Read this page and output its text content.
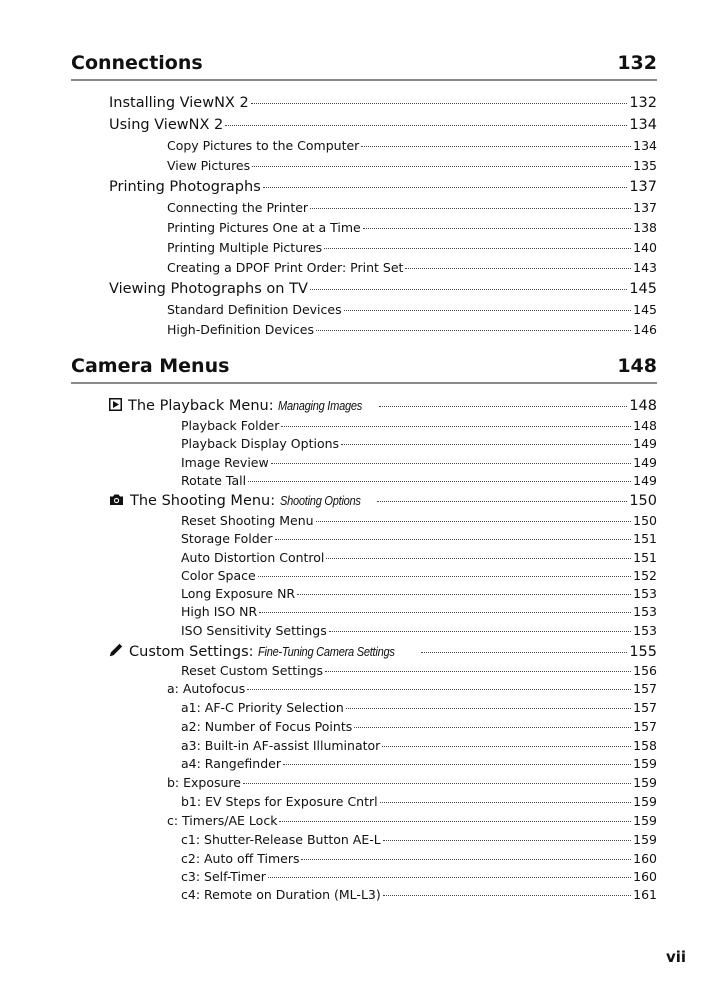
Connections	132
Installing ViewNX 2	132
Using ViewNX 2	134
Copy Pictures to the Computer	134
View Pictures	135
Printing Photographs	137
Connecting the Printer	137
Printing Pictures One at a Time	138
Printing Multiple Pictures	140
Creating a DPOF Print Order: Print Set	143
Viewing Photographs on TV	145
Standard Definition Devices	145
High-Definition Devices	146
Camera Menus	148
The Playback Menu: Managing Images	148
Playback Folder	148
Playback Display Options	149
Image Review	149
Rotate Tall	149
The Shooting Menu: Shooting Options	150
Reset Shooting Menu	150
Storage Folder	151
Auto Distortion Control	151
Color Space	152
Long Exposure NR	153
High ISO NR	153
ISO Sensitivity Settings	153
Custom Settings: Fine-Tuning Camera Settings	155
Reset Custom Settings	156
a: Autofocus	157
a1: AF-C Priority Selection	157
a2: Number of Focus Points	157
a3: Built-in AF-assist Illuminator	158
a4: Rangefinder	159
b: Exposure	159
b1: EV Steps for Exposure Cntrl	159
c: Timers/AE Lock	159
c1: Shutter-Release Button AE-L	159
c2: Auto off Timers	160
c3: Self-Timer	160
c4: Remote on Duration (ML-L3)	161
vii
